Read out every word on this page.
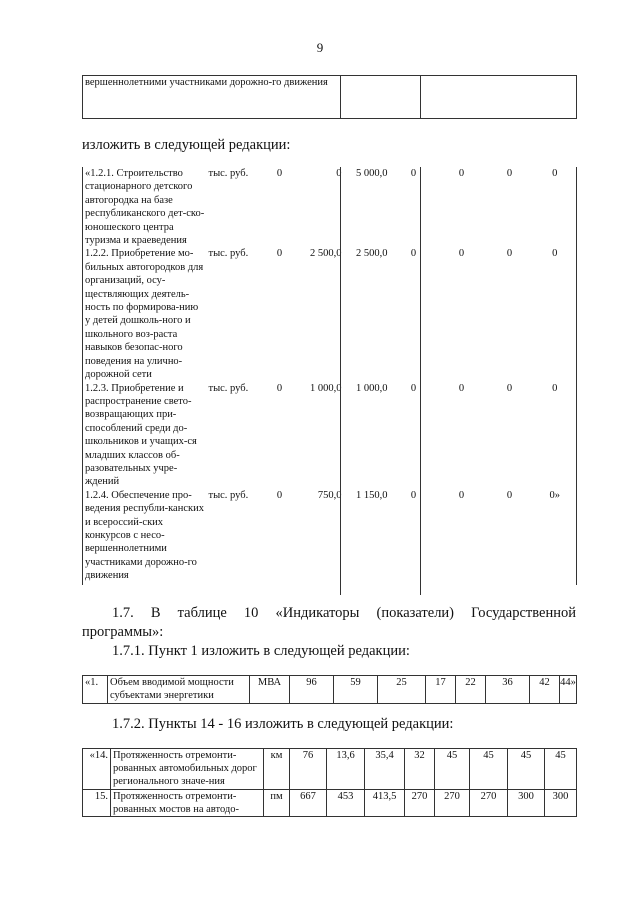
9
вершеннолетними участниками дорожно-го движения		
изложить в следующей редакции:
«1.2.1. Строительство стационарного детского автогородка на базе республиканского дет-ско-юношеского центра туризма и краеведения	тыс. руб.	0	0	5 000,0	0	0	0	0
1.2.2. Приобретение мо-бильных автогородков для организаций, осу-ществляющих деятель-ность по формирова-нию у детей дошколь-ного и школьного воз-раста навыков безопас-ного поведения на улично-дорожной сети	тыс. руб.	0	2 500,0	2 500,0	0	0	0	0
1.2.3. Приобретение и распространение свето-возвращающих при-способлений среди до-школьников и учащих-ся младших классов об-разовательных учре-ждений	тыс. руб.	0	1 000,0	1 000,0	0	0	0	0
1.2.4. Обеспечение про-ведения республи-канских и всероссий-ских конкурсов с несо-вершеннолетними участниками дорожно-го движения	тыс. руб.	0	750,0	1 150,0	0	0	0	0»
1.7. В таблице 10 «Индикаторы (показатели) Государственной программы»:
1.7.1. Пункт 1 изложить в следующей редакции:
«1.	Объем вводимой мощности субъектами энергетики	МВА	96	59	25	17	22	36	42	44»
1.7.2. Пункты 14 - 16 изложить в следующей редакции:
«14.	Протяженность отремонти-рованных автомобильных дорог регионального значе-ния	км	76	13,6	35,4	32	45	45	45	45
15.	Протяженность отремонти-рованных мостов на автодо-	пм	667	453	413,5	270	270	270	300	300
